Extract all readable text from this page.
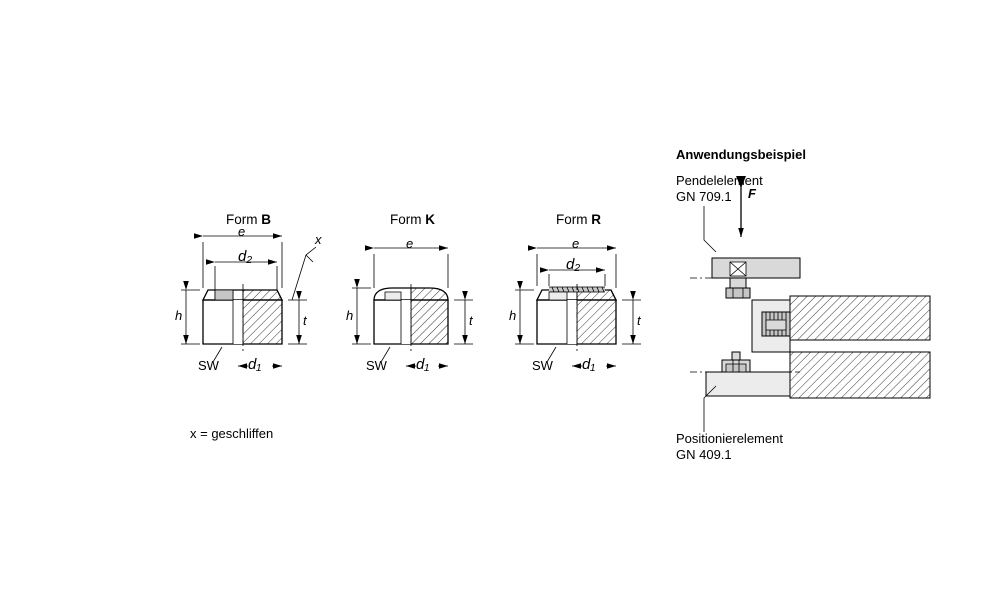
Form B
e
d₂
h	t
SW d₁
x
Form K
e
h	t
SW d₁
Form R
e
d₂
h	t
SW d₁
x = geschliffen
Anwendungsbeispiel
Pendelelement
GN 709.1 F
Positionierelement
GN 409.1
